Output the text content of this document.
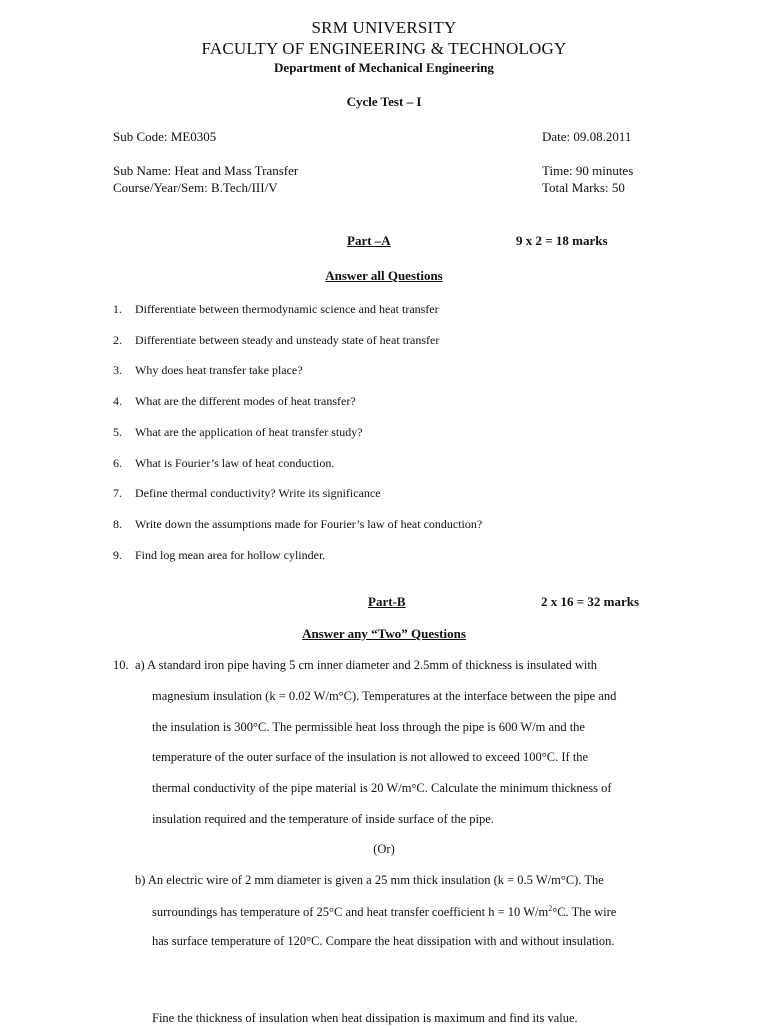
SRM UNIVERSITY
FACULTY OF ENGINEERING & TECHNOLOGY
Department of Mechanical Engineering
Cycle Test – I
Sub Code: ME0305	Date: 09.08.2011
Sub Name: Heat and Mass Transfer	Time: 90 minutes
Course/Year/Sem: B.Tech/III/V	Total Marks: 50
Part –A	9 x 2 = 18 marks
Answer all Questions
1. Differentiate between thermodynamic science and heat transfer
2. Differentiate between steady and unsteady state of heat transfer
3. Why does heat transfer take place?
4. What are the different modes of heat transfer?
5. What are the application of heat transfer study?
6. What is Fourier’s law of heat conduction.
7. Define thermal conductivity? Write its significance
8. Write down the assumptions made for Fourier’s law of heat conduction?
9. Find log mean area for hollow cylinder.
Part-B	2 x 16 = 32 marks
Answer any “Two” Questions
10. a) A standard iron pipe having 5 cm inner diameter and 2.5mm of thickness is insulated with
magnesium insulation (k = 0.02 W/m°C). Temperatures at the interface between the pipe and
the insulation is 300°C. The permissible heat loss through the pipe is 600 W/m and the
temperature of the outer surface of the insulation is not allowed to exceed 100°C. If the
thermal conductivity of the pipe material is 20 W/m°C. Calculate the minimum thickness of
insulation required and the temperature of inside surface of the pipe.
(Or)
b) An electric wire of 2 mm diameter is given a 25 mm thick insulation (k = 0.5 W/m°C). The
surroundings has temperature of 25°C and heat transfer coefficient h = 10 $W/m^2^\circ C$. The wire
has surface temperature of 120°C. Compare the heat dissipation with and without insulation.
Fine the thickness of insulation when heat dissipation is maximum and find its value.
